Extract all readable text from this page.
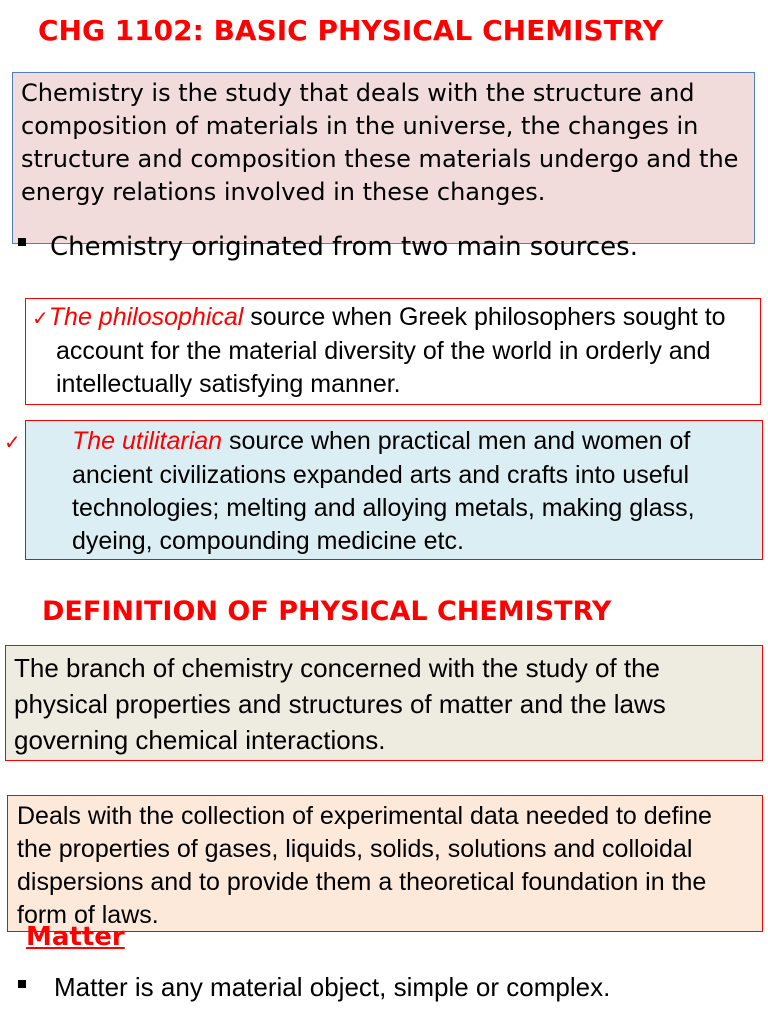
CHG 1102: BASIC PHYSICAL CHEMISTRY
Chemistry is the study that deals with the structure and composition of materials in the universe, the changes in structure and composition these materials undergo and the energy relations involved in these changes.
Chemistry originated from two main sources.
✓The philosophical source when Greek philosophers sought to account for the material diversity of the world in orderly and intellectually satisfying manner.
✓ The utilitarian source when practical men and women of ancient civilizations expanded arts and crafts into useful technologies; melting and alloying metals, making glass, dyeing, compounding medicine etc.
DEFINITION OF PHYSICAL CHEMISTRY
The branch of chemistry concerned with the study of the physical properties and structures of matter and the laws governing chemical interactions.
Deals with the collection of experimental data needed to define the properties of gases, liquids, solids, solutions and colloidal dispersions and to provide them a theoretical foundation in the form of laws.
Matter
Matter is any material object, simple or complex.
